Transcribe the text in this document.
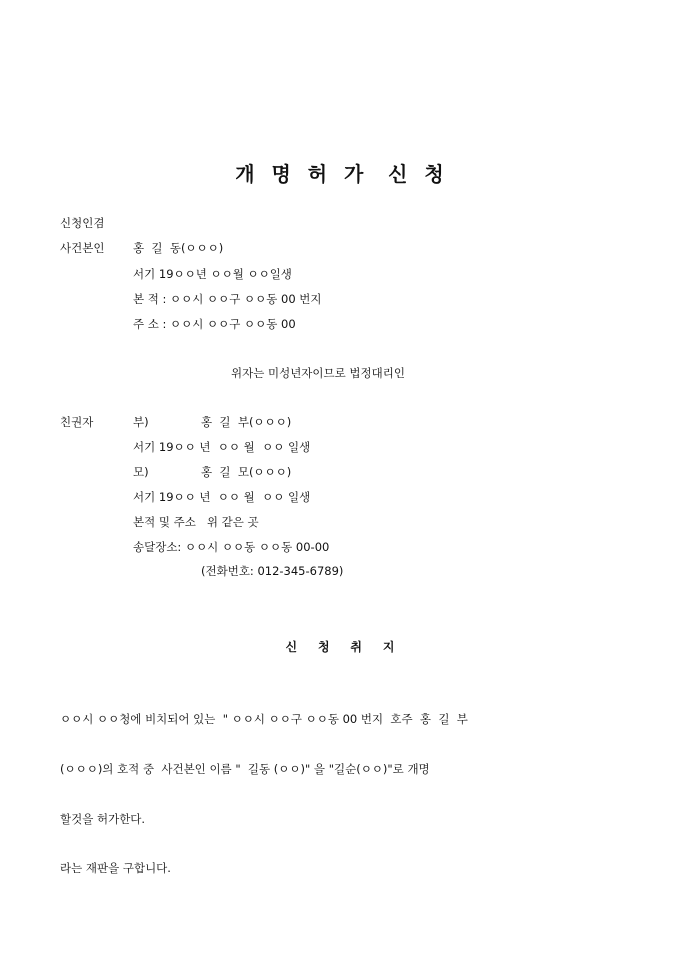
개  명  허  가   신  청
신청인겸
사건본인 홍  길  동(ㅇㅇㅇ)
서기 19ㅇㅇ년 ㅇㅇ월 ㅇㅇ일생
본 적 : ㅇㅇ시 ㅇㅇ구 ㅇㅇ동 00 번지
주 소 : ㅇㅇ시 ㅇㅇ구 ㅇㅇ동 00
위자는 미성년자이므로 법정대리인
친권자	부)	홍  길  부(ㅇㅇㅇ)
서기 19ㅇㅇ 년  ㅇㅇ 월  ㅇㅇ 일생
모)	홍  길  모(ㅇㅇㅇ)
서기 19ㅇㅇ 년  ㅇㅇ 월  ㅇㅇ 일생
본적 및 주소   위 같은 곳
송달장소: ㅇㅇ시 ㅇㅇ동 ㅇㅇ동 00-00
(전화번호: 012-345-6789)
신     청     취     지
ㅇㅇ시 ㅇㅇ청에 비치되어 있는  " ㅇㅇ시 ㅇㅇ구 ㅇㅇ동 00 번지  호주  홍  길  부
(ㅇㅇㅇ)의 호적 중  사건본인 이름 "  길동 (ㅇㅇ)" 을 "길순(ㅇㅇ)"로 개명
할것을 허가한다.
라는 재판을 구합니다.
